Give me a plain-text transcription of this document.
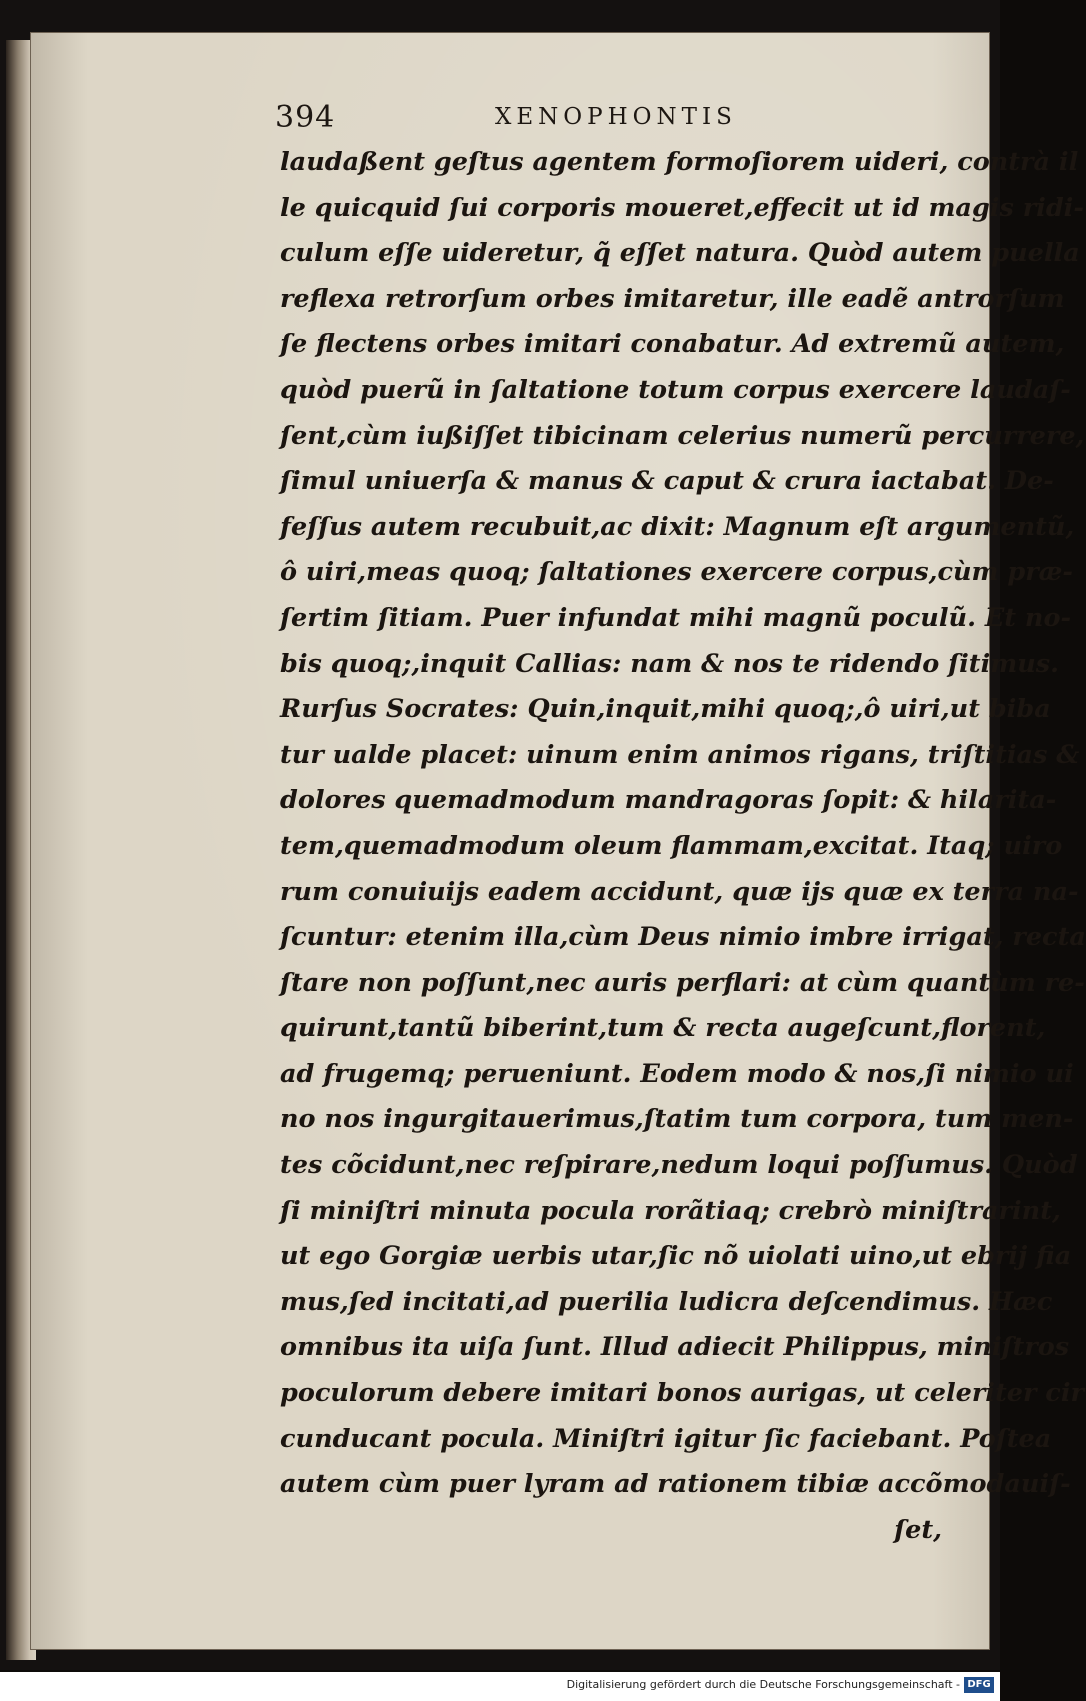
394	XENOPHONTIS
laudaßent geſtus agentem formoſiorem uideri, contrà il
le quicquid ſui corporis moueret,effecit ut id magis ridi-
culum eſſe uideretur, q̃ eſſet natura. Quòd autem puella
reflexa retrorſum orbes imitaretur, ille eadẽ antrorſum
ſe flectens orbes imitari conabatur. Ad extremũ autem,
quòd puerũ in ſaltatione totum corpus exercere laudaſ-
ſent,cùm iußiſſet tibicinam celerius numerũ percurrere,
ſimul uniuerſa & manus & caput & crura iactabat. De-
feſſus autem recubuit,ac dixit: Magnum eſt argumentũ,
ô uiri,meas quoq; ſaltationes exercere corpus,cùm præ-
ſertim ſitiam. Puer infundat mihi magnũ poculũ. Et no-
bis quoq;,inquit Callias: nam & nos te ridendo ſitimus.
Rurſus Socrates: Quin,inquit,mihi quoq;,ô uiri,ut biba
tur ualde placet: uinum enim animos rigans, triſtitias &
dolores quemadmodum mandragoras ſopit: & hilarita-
tem,quemadmodum oleum flammam,excitat. Itaq; uiro
rum conuiuijs eadem accidunt, quæ ijs quæ ex terra na-
ſcuntur: etenim illa,cùm Deus nimio imbre irrigat, recta
ſtare non poſſunt,nec auris perflari: at cùm quantùm re-
quirunt,tantũ biberint,tum & recta augeſcunt,florent,
ad frugemq; perueniunt. Eodem modo & nos,ſi nimio ui
no nos ingurgitauerimus,ſtatim tum corpora, tum men-
tes cõcidunt,nec reſpirare,nedum loqui poſſumus. Quòd
ſi miniſtri minuta pocula rorãtiaq; crebrò miniſtrarint,
ut ego Gorgiæ uerbis utar,ſic nõ uiolati uino,ut ebrij fia
mus,ſed incitati,ad puerilia ludicra deſcendimus. Hæc
omnibus ita uiſa ſunt. Illud adiecit Philippus, miniſtros
poculorum debere imitari bonos aurigas, ut celeriter cir
cunducant pocula. Miniſtri igitur ſic faciebant. Poſtea
autem cùm puer lyram ad rationem tibiæ accõmodauiſ-
ſet,
Digitalisierung gefördert durch die Deutsche Forschungsgemeinschaft - DFG
